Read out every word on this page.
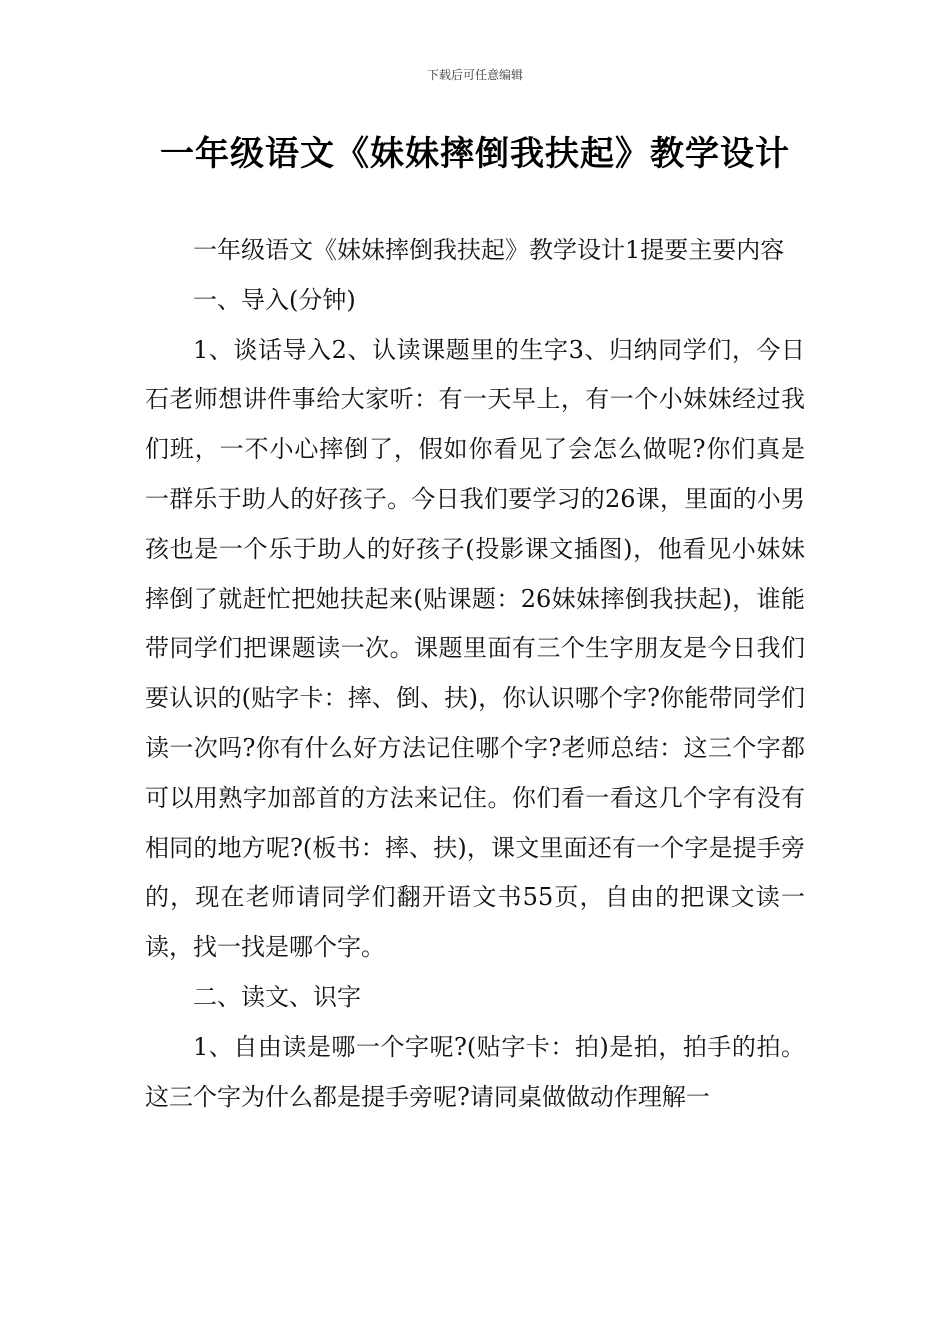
下载后可任意编辑
一年级语文《妹妹摔倒我扶起》教学设计

一年级语文《妹妹摔倒我扶起》教学设计1提要主要内容

一、导入(分钟)

1、谈话导入2、认读课题里的生字3、归纳同学们，今日石老师想讲件事给大家听：有一天早上，有一个小妹妹经过我们班，一不小心摔倒了，假如你看见了会怎么做呢?你们真是一群乐于助人的好孩子。今日我们要学习的26课，里面的小男孩也是一个乐于助人的好孩子(投影课文插图)，他看见小妹妹摔倒了就赶忙把她扶起来(贴课题：26妹妹摔倒我扶起)，谁能带同学们把课题读一次。课题里面有三个生字朋友是今日我们要认识的(贴字卡：摔、倒、扶)，你认识哪个字?你能带同学们读一次吗?你有什么好方法记住哪个字?老师总结：这三个字都可以用熟字加部首的方法来记住。你们看一看这几个字有没有相同的地方呢?(板书：摔、扶)，课文里面还有一个字是提手旁的，现在老师请同学们翻开语文书55页，自由的把课文读一读，找一找是哪个字。

二、读文、识字

1、自由读是哪一个字呢?(贴字卡：拍)是拍，拍手的拍。这三个字为什么都是提手旁呢?请同桌做做动作理解一
